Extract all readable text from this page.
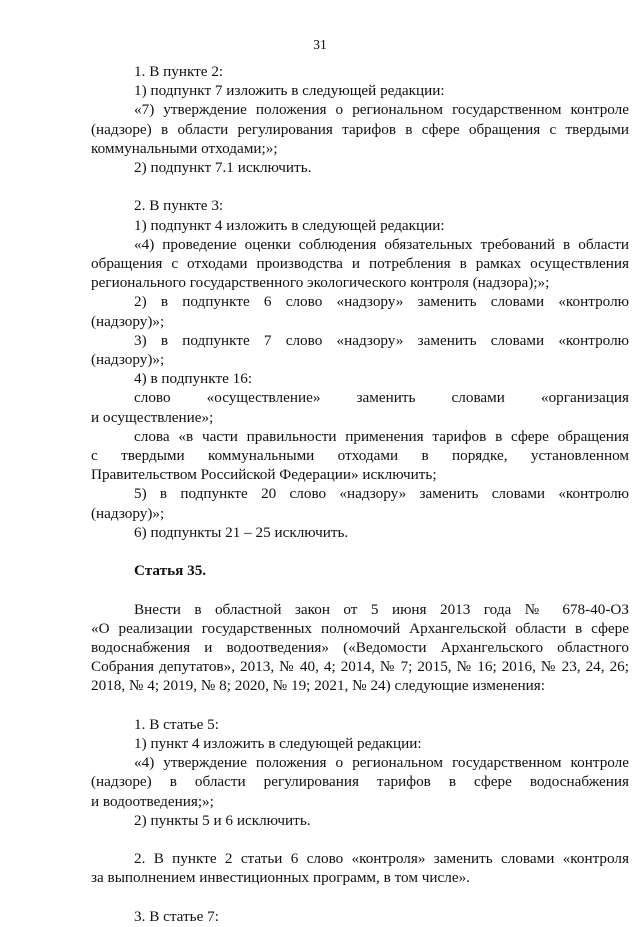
31
1. В пункте 2:
1) подпункт 7 изложить в следующей редакции:
«7) утверждение положения о региональном государственном контроле
(надзоре) в области регулирования тарифов в сфере обращения с твердыми
коммунальными отходами;»;
2) подпункт 7.1 исключить.
2. В пункте 3:
1) подпункт 4 изложить в следующей редакции:
«4) проведение оценки соблюдения обязательных требований в области
обращения с отходами производства и потребления в рамках осуществления
регионального государственного экологического контроля (надзора);»;
2) в подпункте 6 слово «надзору» заменить словами «контролю
(надзору)»;
3) в подпункте 7 слово «надзору» заменить словами «контролю
(надзору)»;
4) в подпункте 16:
слово «осуществление» заменить словами «организация
и осуществление»;
слова «в части правильности применения тарифов в сфере обращения
с твердыми коммунальными отходами в порядке, установленном
Правительством Российской Федерации» исключить;
5) в подпункте 20 слово «надзору» заменить словами «контролю
(надзору)»;
6) подпункты 21 – 25 исключить.
Статья 35.
Внести в областной закон от 5 июня 2013 года № 678-40-ОЗ
«О реализации государственных полномочий Архангельской области в сфере
водоснабжения и водоотведения» («Ведомости Архангельского областного
Собрания депутатов», 2013, № 40, 4; 2014, № 7; 2015, № 16; 2016, № 23, 24, 26;
2018, № 4; 2019, № 8; 2020, № 19; 2021, № 24) следующие изменения:
1. В статье 5:
1) пункт 4 изложить в следующей редакции:
«4) утверждение положения о региональном государственном контроле
(надзоре) в области регулирования тарифов в сфере водоснабжения
и водоотведения;»;
2) пункты 5 и 6 исключить.
2. В пункте 2 статьи 6 слово «контроля» заменить словами «контроля
за выполнением инвестиционных программ, в том числе».
3. В статье 7:
